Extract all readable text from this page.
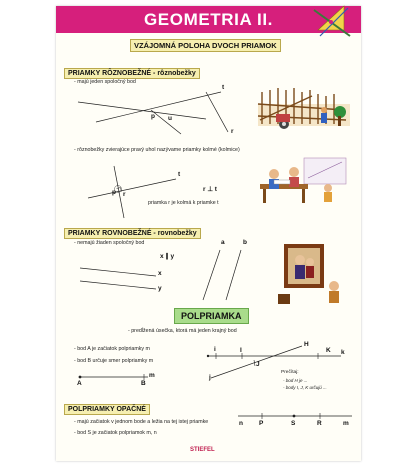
GEOMETRIA II.
VZÁJOMNÁ POLOHA DVOCH PRIAMOK
PRIAMKY RÔZNOBEŽNÉ - rôznobežky
- majú jeden spoločný bod
t
p u
r
- rôznobežky zvierajúce pravý uhol nazývame priamky kolmé (kolmice)
p r
t
r ⊥ t
priamka r je kolmá k priamke t
PRIAMKY ROVNOBEŽNÉ - rovnobežky
- nemajú žiaden spoločný bod
x ∥ y
x
y
a	b
POLPRIAMKA
- predĺžená úsečka, ktorá má jeden krajný bod
- bod A je začiatok polpriamky m
- bod B určuje smer polpriamky m
A	B
m
i	I
H
K k
J
j
Prečítaj:
- bod H je ...
- body I, J, K určujú ...
POLPRIAMKY OPAČNÉ
- majú začiatok v jednom bode a ležia na tej istej priamke
- bod S je začiatok polpriamok m, n
n P	S	R	m
STIEFEL
